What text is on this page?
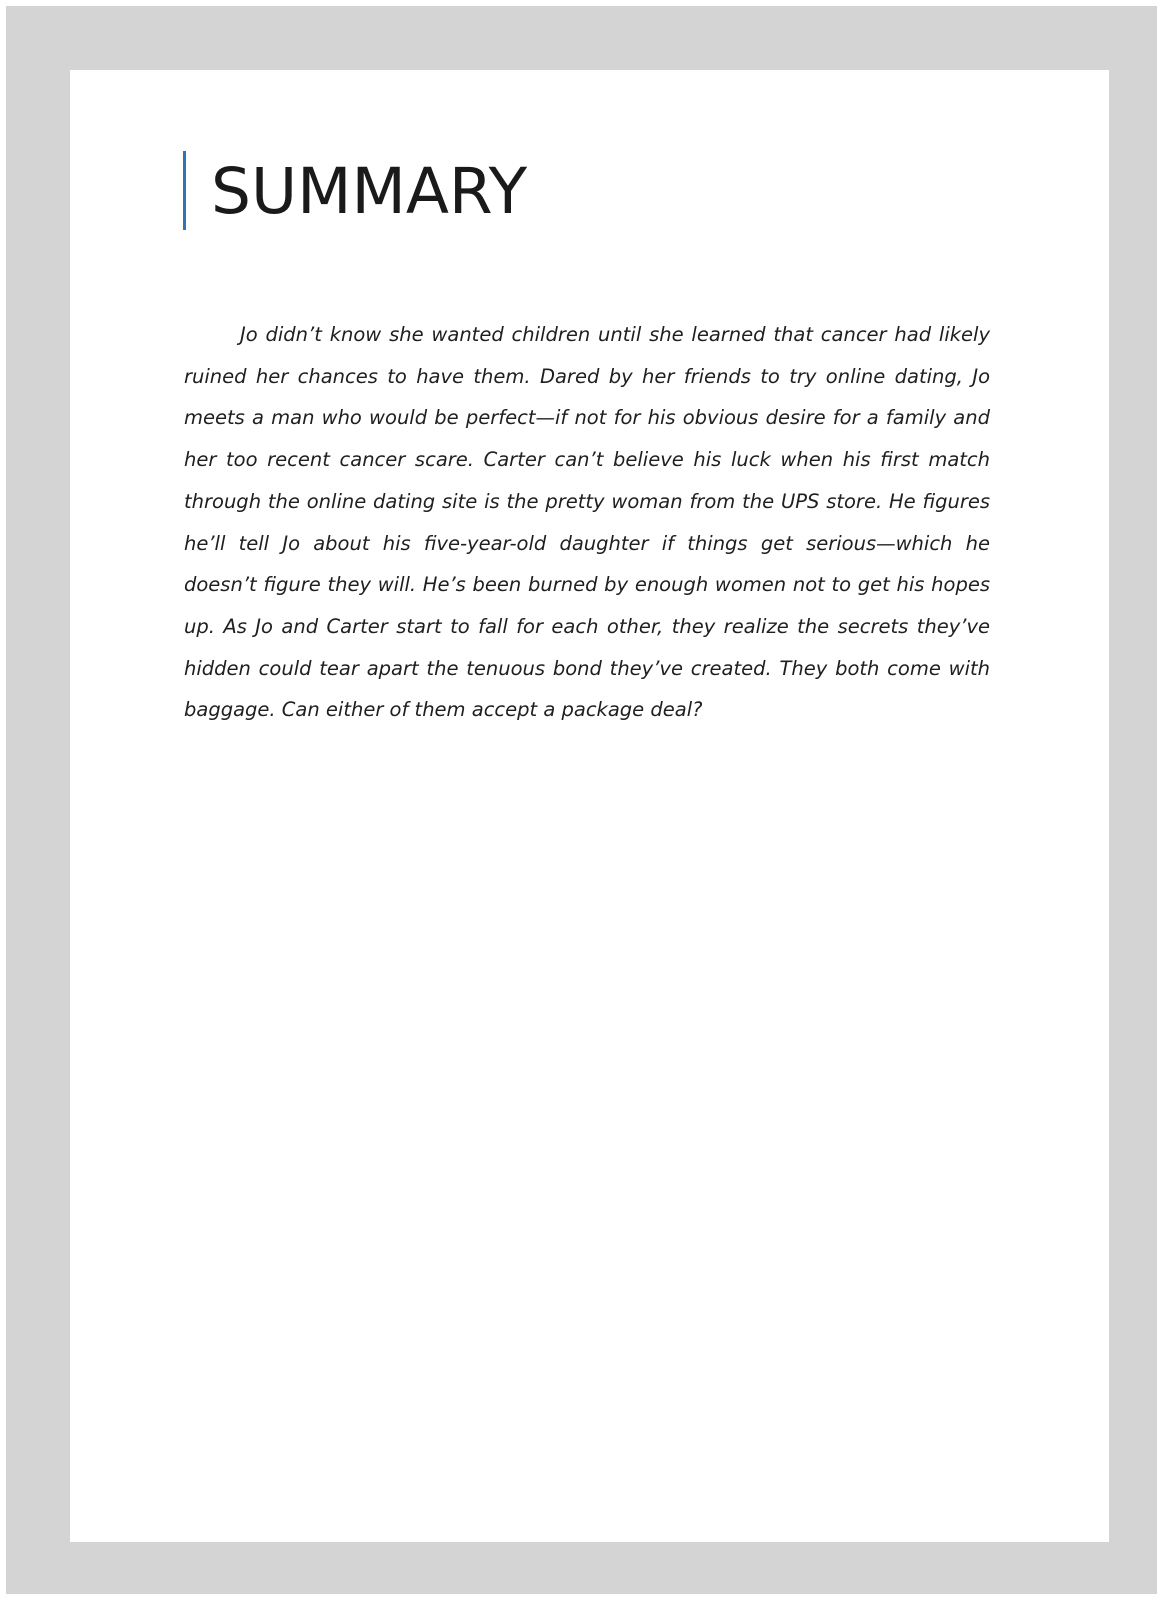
SUMMARY

Jo didn’t know she wanted children until she learned that cancer had likely ruined her chances to have them. Dared by her friends to try online dating, Jo meets a man who would be perfect—if not for his obvious desire for a family and her too recent cancer scare. Carter can’t believe his luck when his first match through the online dating site is the pretty woman from the UPS store. He figures he’ll tell Jo about his five-year-old daughter if things get serious—which he doesn’t figure they will. He’s been burned by enough women not to get his hopes up. As Jo and Carter start to fall for each other, they realize the secrets they’ve hidden could tear apart the tenuous bond they’ve created. They both come with baggage. Can either of them accept a package deal?
